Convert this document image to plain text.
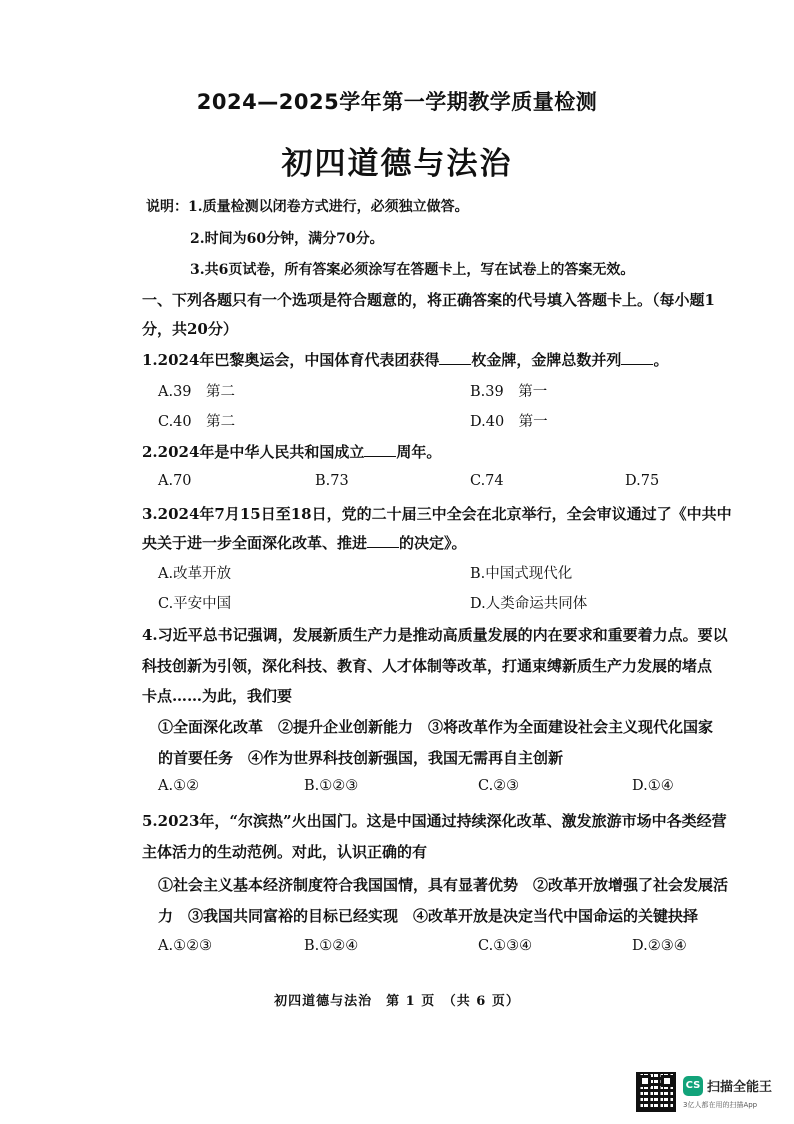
2024—2025学年第一学期教学质量检测
初四道德与法治
说明：1.质量检测以闭卷方式进行，必须独立做答。
2.时间为60分钟，满分70分。
3.共6页试卷，所有答案必须涂写在答题卡上，写在试卷上的答案无效。
一、下列各题只有一个选项是符合题意的，将正确答案的代号填入答题卡上。（每小题1
分，共20分）
1.2024年巴黎奥运会，中国体育代表团获得 枚金牌，金牌总数并列 。
A.39　第二	B.39　第一
C.40　第二	D.40　第一
2.2024年是中华人民共和国成立 周年。
A.70	B.73	C.74	D.75
3.2024年7月15日至18日，党的二十届三中全会在北京举行，全会审议通过了《中共中
央关于进一步全面深化改革、推进 的决定》。
A.改革开放	B.中国式现代化
C.平安中国	D.人类命运共同体
4.习近平总书记强调，发展新质生产力是推动高质量发展的内在要求和重要着力点。要以
科技创新为引领，深化科技、教育、人才体制等改革，打通束缚新质生产力发展的堵点
卡点……为此，我们要
①全面深化改革　②提升企业创新能力　③将改革作为全面建设社会主义现代化国家
的首要任务　④作为世界科技创新强国，我国无需再自主创新
A.①②	B.①②③	C.②③	D.①④
5.2023年，“尔滨热”火出国门。这是中国通过持续深化改革、激发旅游市场中各类经营
主体活力的生动范例。对此，认识正确的有
①社会主义基本经济制度符合我国国情，具有显著优势　②改革开放增强了社会发展活
力　③我国共同富裕的目标已经实现　④改革开放是决定当代中国命运的关键抉择
A.①②③	B.①②④	C.①③④	D.②③④
初四道德与法治　第 1 页　（共 6 页）
CS 扫描全能王
3亿人都在用的扫描App
